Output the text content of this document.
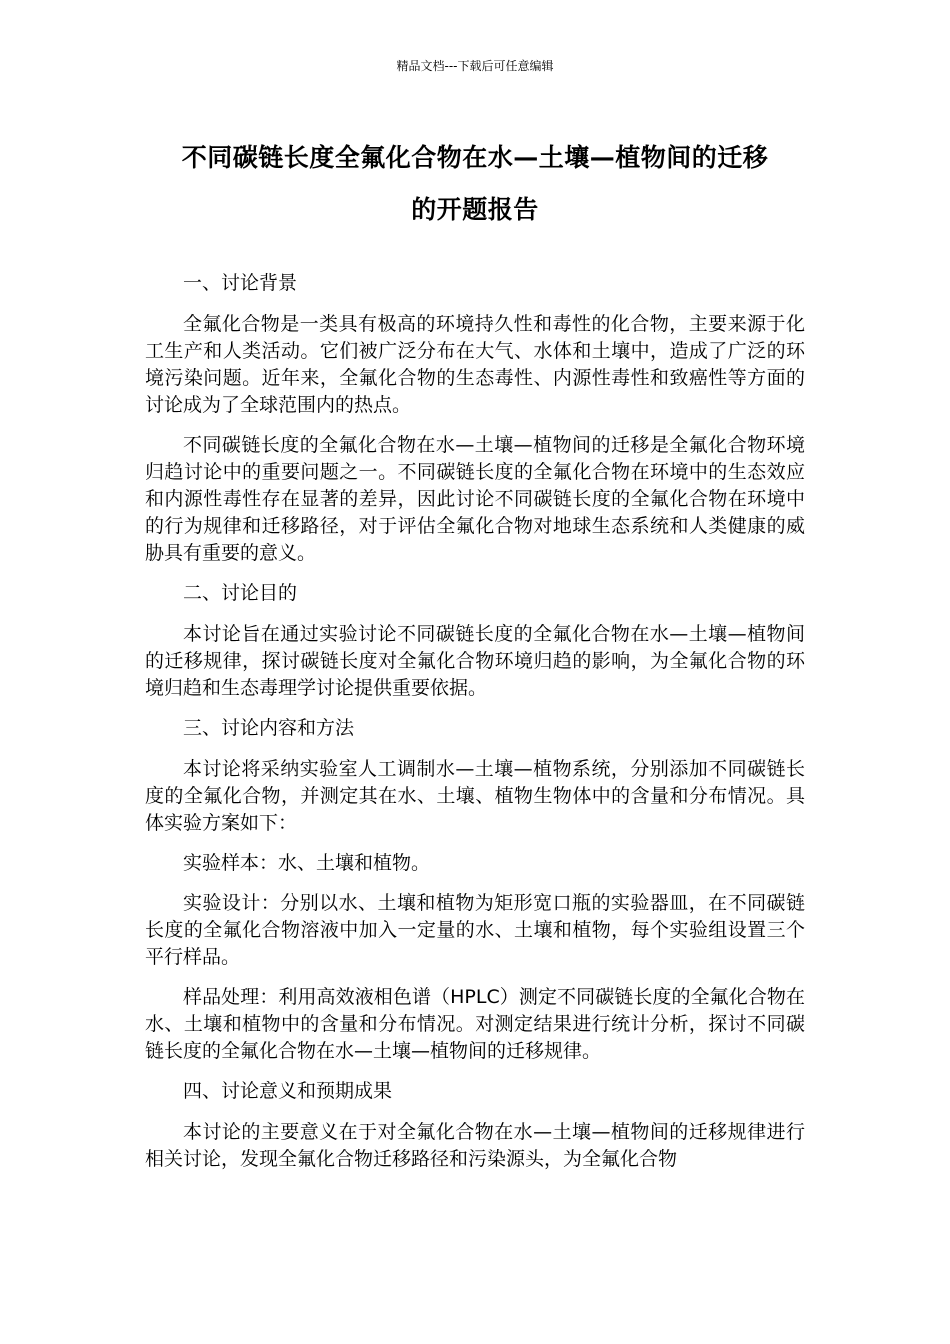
精品文档---下载后可任意编辑
不同碳链长度全氟化合物在水—土壤—植物间的迁移
的开题报告

一、讨论背景

全氟化合物是一类具有极高的环境持久性和毒性的化合物，主要来源于化工生产和人类活动。它们被广泛分布在大气、水体和土壤中，造成了广泛的环境污染问题。近年来，全氟化合物的生态毒性、内源性毒性和致癌性等方面的讨论成为了全球范围内的热点。

不同碳链长度的全氟化合物在水—土壤—植物间的迁移是全氟化合物环境归趋讨论中的重要问题之一。不同碳链长度的全氟化合物在环境中的生态效应和内源性毒性存在显著的差异，因此讨论不同碳链长度的全氟化合物在环境中的行为规律和迁移路径，对于评估全氟化合物对地球生态系统和人类健康的威胁具有重要的意义。

二、讨论目的

本讨论旨在通过实验讨论不同碳链长度的全氟化合物在水—土壤—植物间的迁移规律，探讨碳链长度对全氟化合物环境归趋的影响，为全氟化合物的环境归趋和生态毒理学讨论提供重要依据。

三、讨论内容和方法

本讨论将采纳实验室人工调制水—土壤—植物系统，分别添加不同碳链长度的全氟化合物，并测定其在水、土壤、植物生物体中的含量和分布情况。具体实验方案如下：

实验样本：水、土壤和植物。

实验设计：分别以水、土壤和植物为矩形宽口瓶的实验器皿，在不同碳链长度的全氟化合物溶液中加入一定量的水、土壤和植物，每个实验组设置三个平行样品。

样品处理：利用高效液相色谱（HPLC）测定不同碳链长度的全氟化合物在水、土壤和植物中的含量和分布情况。对测定结果进行统计分析，探讨不同碳链长度的全氟化合物在水—土壤—植物间的迁移规律。

四、讨论意义和预期成果

本讨论的主要意义在于对全氟化合物在水—土壤—植物间的迁移规律进行相关讨论，发现全氟化合物迁移路径和污染源头，为全氟化合物
